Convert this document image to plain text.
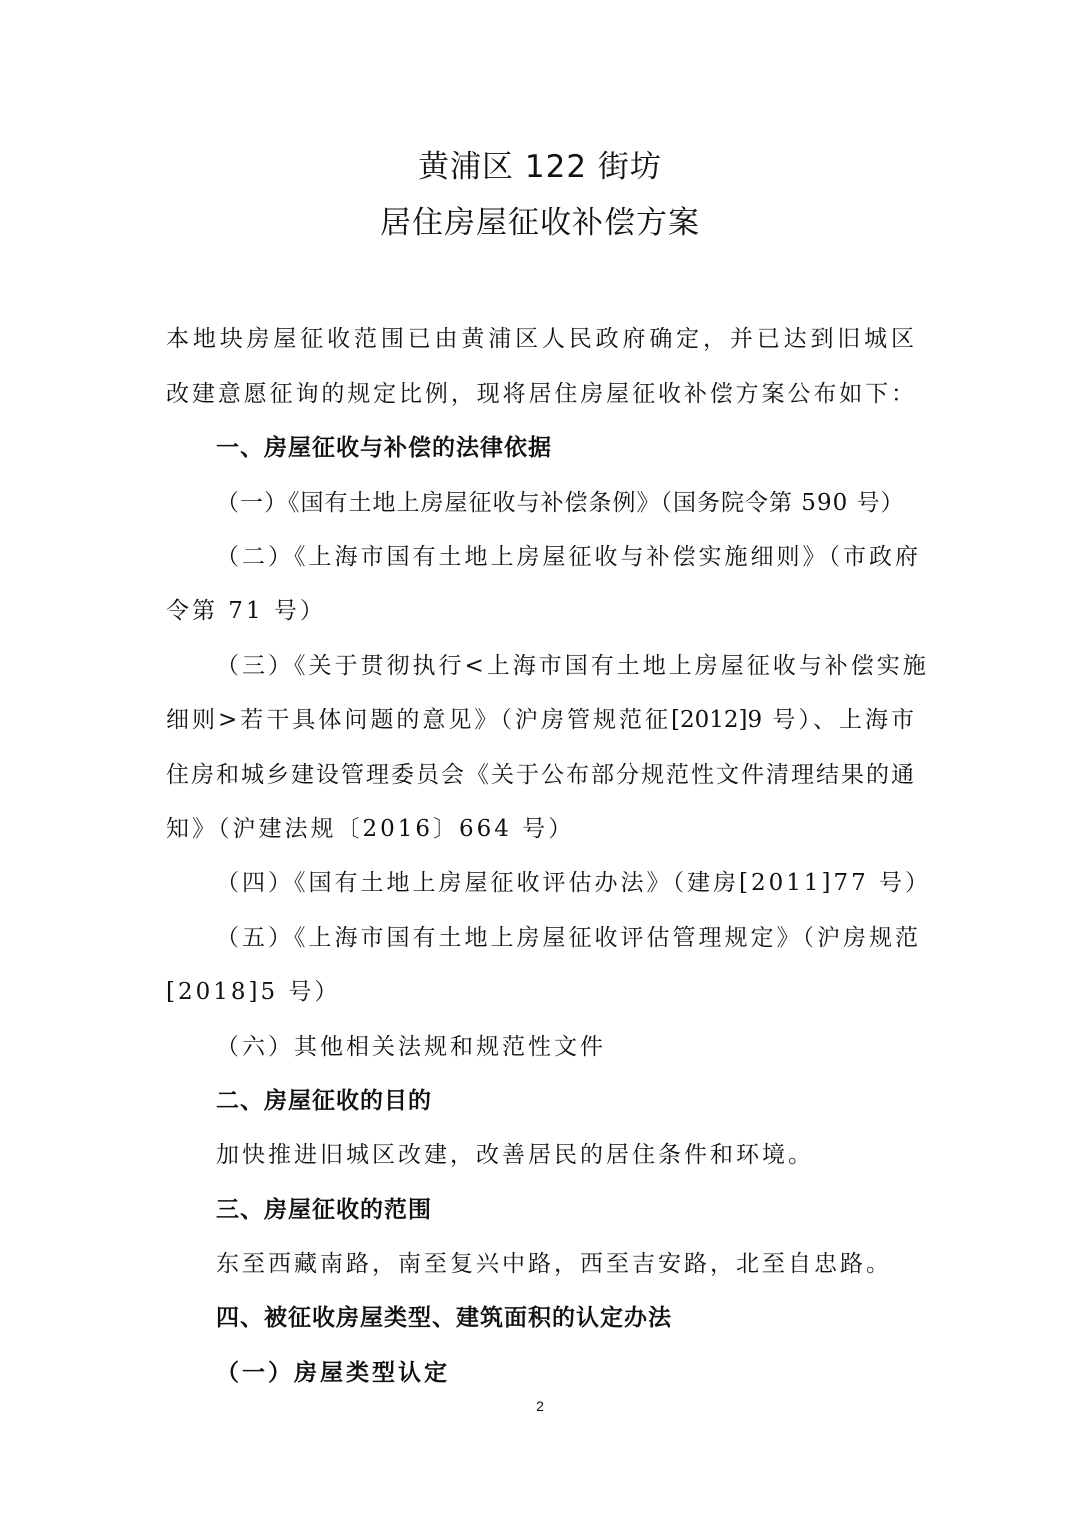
黄浦区 122 街坊
居住房屋征收补偿方案
本地块房屋征收范围已由黄浦区人民政府确定，并已达到旧城区
改建意愿征询的规定比例，现将居住房屋征收补偿方案公布如下：
一、房屋征收与补偿的法律依据
（一）《国有土地上房屋征收与补偿条例》（国务院令第 590 号）
（二）《上海市国有土地上房屋征收与补偿实施细则》（市政府
令第 71 号）
（三）《关于贯彻执行<上海市国有土地上房屋征收与补偿实施
细则>若干具体问题的意见》（沪房管规范征[2012]9 号）、上海市
住房和城乡建设管理委员会《关于公布部分规范性文件清理结果的通
知》（沪建法规〔2016〕664 号）
（四）《国有土地上房屋征收评估办法》（建房[2011]77 号）
（五）《上海市国有土地上房屋征收评估管理规定》（沪房规范
[2018]5 号）
（六）其他相关法规和规范性文件
二、房屋征收的目的
加快推进旧城区改建，改善居民的居住条件和环境。
三、房屋征收的范围
东至西藏南路，南至复兴中路，西至吉安路，北至自忠路。
四、被征收房屋类型、建筑面积的认定办法
（一）房屋类型认定
2
